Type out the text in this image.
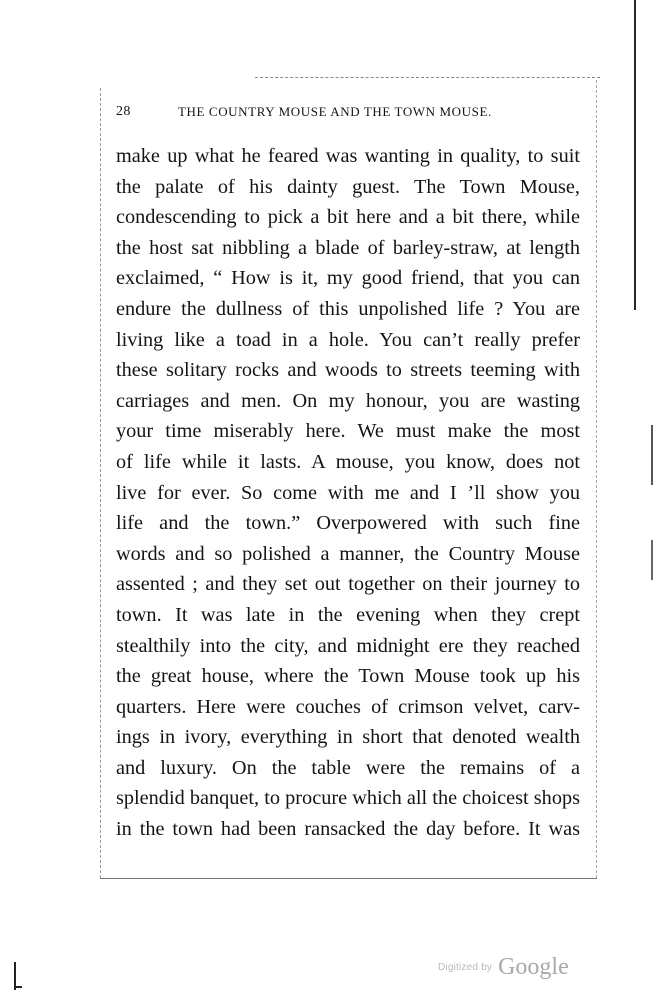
28	THE COUNTRY MOUSE AND THE TOWN MOUSE.
make up what he feared was wanting in quality, to suit
the palate of his dainty guest. The Town Mouse,
condescending to pick a bit here and a bit there, while
the host sat nibbling a blade of barley-straw, at length
exclaimed, “ How is it, my good friend, that you can
endure the dullness of this unpolished life ? You are
living like a toad in a hole. You can’t really prefer
these solitary rocks and woods to streets teeming with
carriages and men. On my honour, you are wasting
your time miserably here. We must make the most
of life while it lasts. A mouse, you know, does not
live for ever. So come with me and I ’ll show you
life and the town.” Overpowered with such fine
words and so polished a manner, the Country Mouse
assented ; and they set out together on their journey to
town. It was late in the evening when they crept
stealthily into the city, and midnight ere they reached
the great house, where the Town Mouse took up his
quarters. Here were couches of crimson velvet, carv-
ings in ivory, everything in short that denoted wealth
and luxury. On the table were the remains of a
splendid banquet, to procure which all the choicest shops
in the town had been ransacked the day before. It was
Digitized by Google
